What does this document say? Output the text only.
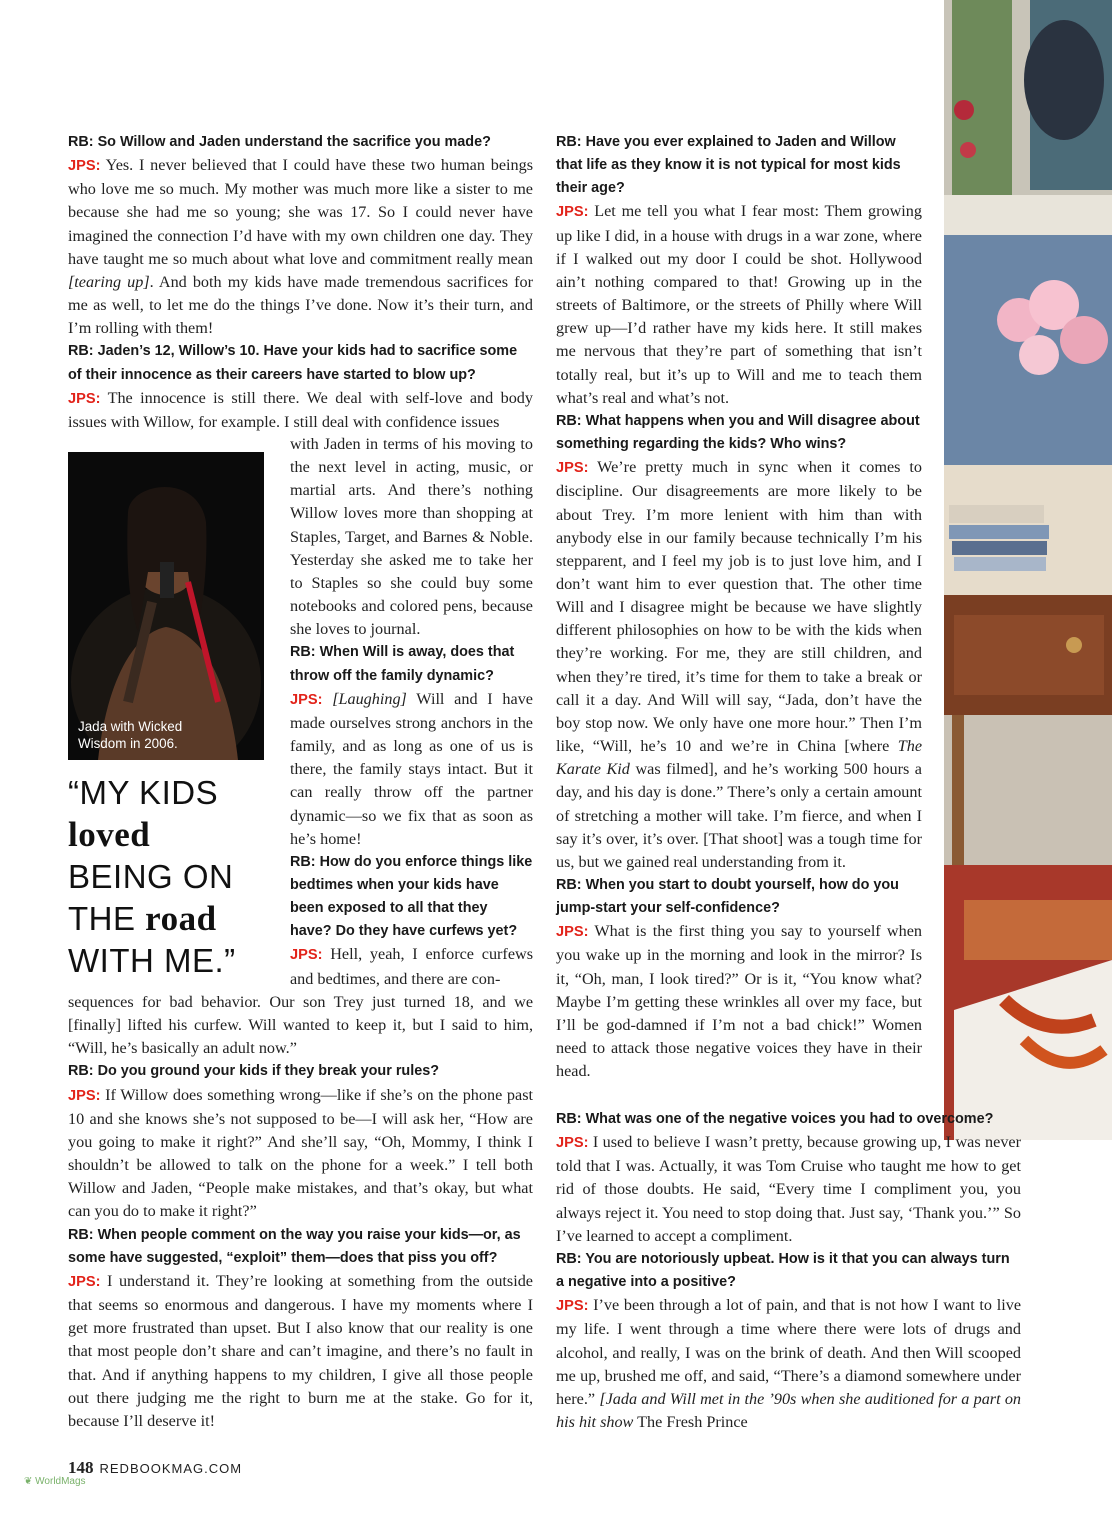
RB: So Willow and Jaden understand the sacrifice you made?

JPS: Yes. I never believed that I could have these two human beings who love me so much. My mother was much more like a sister to me because she had me so young; she was 17. So I could never have imagined the connection I’d have with my own children one day. They have taught me so much about what love and commitment really mean [tearing up]. And both my kids have made tremendous sacrifices for me as well, to let me do the things I’ve done. Now it’s their turn, and I’m rolling with them!

RB: Jaden’s 12, Willow’s 10. Have your kids had to sacrifice some of their innocence as their careers have started to blow up?

JPS: The innocence is still there. We deal with self-love and body issues with Willow, for example. I still deal with confidence issues

Jada with Wicked
Wisdom in 2006.

with Jaden in terms of his moving to the next level in acting, music, or martial arts. And there’s nothing Willow loves more than shopping at Staples, Target, and Barnes & Noble. Yesterday she asked me to take her to Staples so she could buy some notebooks and colored pens, because she loves to journal.

RB: When Will is away, does that throw off the family dynamic?

JPS: [Laughing] Will and I have made ourselves strong anchors in the family, and as long as one of us is there, the family stays intact. But it can really throw off the partner dynamic—so we fix that as soon as he’s home!

RB: How do you enforce things like bedtimes when your kids have been exposed to all that they have? Do they have curfews yet?

JPS: Hell, yeah, I enforce curfews and bedtimes, and there are con-

“MY KIDS
loved
BEING ON
THE road
WITH ME.”

sequences for bad behavior. Our son Trey just turned 18, and we [finally] lifted his curfew. Will wanted to keep it, but I said to him, “Will, he’s basically an adult now.”

RB: Do you ground your kids if they break your rules?

JPS: If Willow does something wrong—like if she’s on the phone past 10 and she knows she’s not supposed to be—I will ask her, “How are you going to make it right?” And she’ll say, “Oh, Mommy, I think I shouldn’t be allowed to talk on the phone for a week.” I tell both Willow and Jaden, “People make mistakes, and that’s okay, but what can you do to make it right?”

RB: When people comment on the way you raise your kids—or, as some have suggested, “exploit” them—does that piss you off?

JPS: I understand it. They’re looking at something from the outside that seems so enormous and dangerous. I have my moments where I get more frustrated than upset. But I also know that our reality is one that most people don’t share and can’t imagine, and there’s no fault in that. And if anything happens to my children, I give all those people out there judging me the right to burn me at the stake. Go for it, because I’ll deserve it!

RB: Have you ever explained to Jaden and Willow that life as they know it is not typical for most kids their age?

JPS: Let me tell you what I fear most: Them growing up like I did, in a house with drugs in a war zone, where if I walked out my door I could be shot. Hollywood ain’t nothing compared to that! Growing up in the streets of Baltimore, or the streets of Philly where Will grew up—I’d rather have my kids here. It still makes me nervous that they’re part of something that isn’t totally real, but it’s up to Will and me to teach them what’s real and what’s not.

RB: What happens when you and Will disagree about something regarding the kids? Who wins?

JPS: We’re pretty much in sync when it comes to discipline. Our disagreements are more likely to be about Trey. I’m more lenient with him than with anybody else in our family because technically I’m his stepparent, and I feel my job is to just love him, and I don’t want him to ever question that. The other time Will and I disagree might be because we have slightly different philosophies on how to be with the kids when they’re working. For me, they are still children, and when they’re tired, it’s time for them to take a break or call it a day. And Will will say, “Jada, don’t have the boy stop now. We only have one more hour.” Then I’m like, “Will, he’s 10 and we’re in China [where The Karate Kid was filmed], and he’s working 500 hours a day, and his day is done.” There’s only a certain amount of stretching a mother will take. I’m fierce, and when I say it’s over, it’s over. [That shoot] was a tough time for us, but we gained real understanding from it.

RB: When you start to doubt yourself, how do you jump-start your self-confidence?

JPS: What is the first thing you say to yourself when you wake up in the morning and look in the mirror? Is it, “Oh, man, I look tired?” Or is it, “You know what? Maybe I’m getting these wrinkles all over my face, but I’ll be god-damned if I’m not a bad chick!” Women need to attack those negative voices they have in their head.

RB: What was one of the negative voices you had to overcome?

JPS: I used to believe I wasn’t pretty, because growing up, I was never told that I was. Actually, it was Tom Cruise who taught me how to get rid of those doubts. He said, “Every time I compliment you, you always reject it. You need to stop doing that. Just say, ‘Thank you.’” So I’ve learned to accept a compliment.

RB: You are notoriously upbeat. How is it that you can always turn a negative into a positive?

JPS: I’ve been through a lot of pain, and that is not how I want to live my life. I went through a time where there were lots of drugs and alcohol, and really, I was on the brink of death. And then Will scooped me up, brushed me off, and said, “There’s a diamond somewhere under here.” [Jada and Will met in the ’90s when she auditioned for a part on his hit show The Fresh Prince

148 REDBOOKMAG.COM
❦ WorldMags
